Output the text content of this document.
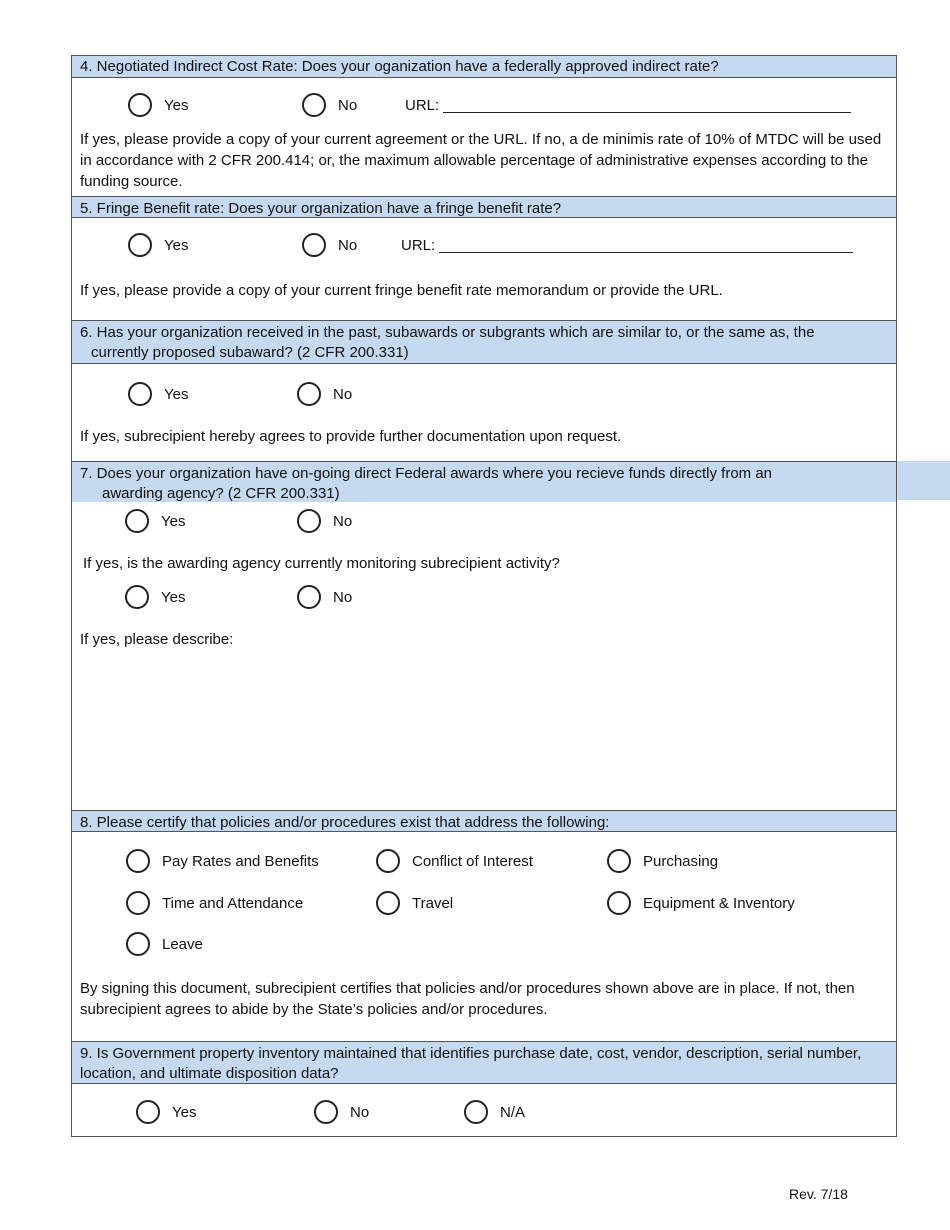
4. Negotiated Indirect Cost Rate: Does your oganization have a federally approved indirect rate?
Yes	No	URL:
If yes, please provide a copy of your current agreement or the URL. If no, a de minimis rate of 10% of MTDC will be used in accordance with 2 CFR 200.414; or, the maximum allowable percentage of administrative expenses according to the funding source.
5. Fringe Benefit rate: Does your organization have a fringe benefit rate?
Yes	No	URL:
If yes, please provide a copy of your current fringe benefit rate memorandum or provide the URL.
6. Has your organization received in the past, subawards or subgrants which are similar to, or the same as, the
currently proposed subaward? (2 CFR 200.331)
Yes	No
If yes, subrecipient hereby agrees to provide further documentation upon request.
7. Does your organization have on-going direct Federal awards where you recieve funds directly from an
awarding agency? (2 CFR 200.331)
Yes	No
If yes, is the awarding agency currently monitoring subrecipient activity?
Yes	No
If yes, please describe:
8. Please certify that policies and/or procedures exist that address the following:
Pay Rates and Benefits	Conflict of Interest	Purchasing
Time and Attendance	Travel	Equipment & Inventory
Leave
By signing this document, subrecipient certifies that policies and/or procedures shown above are in place. If not, then subrecipient agrees to abide by the State’s policies and/or procedures.
9. Is Government property inventory maintained that identifies purchase date, cost, vendor, description, serial number, location, and ultimate disposition data?
Yes	No	N/A
Rev. 7/18
